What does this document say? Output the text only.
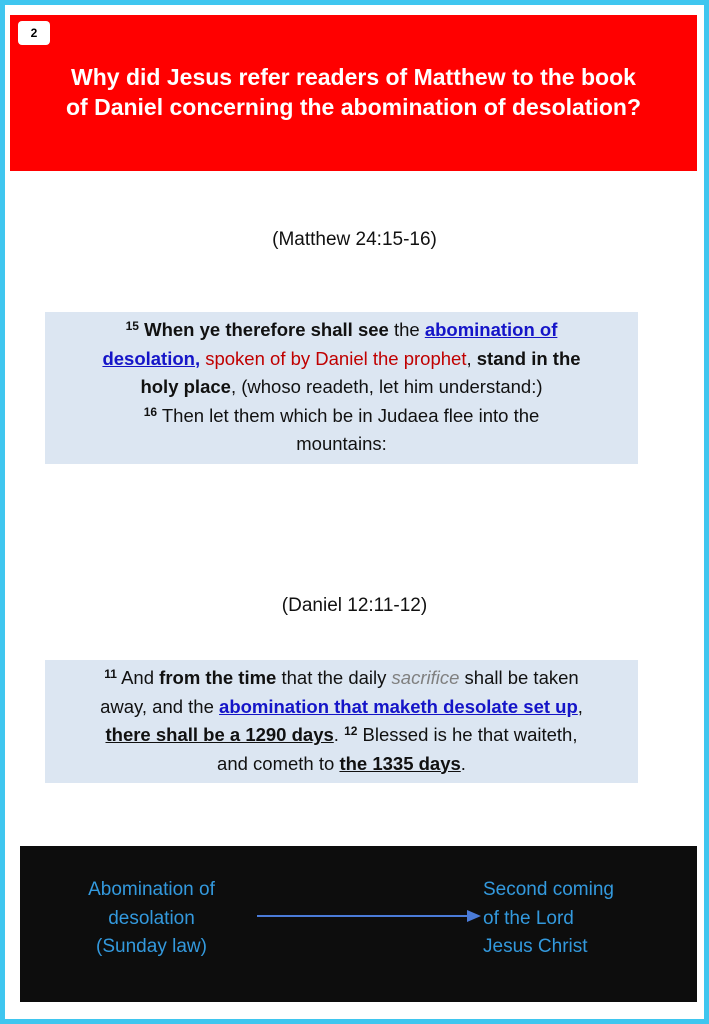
2
Why did Jesus refer readers of Matthew to the book
of Daniel concerning the abomination of desolation?
(Matthew 24:15-16)
$^{15}$ When ye therefore shall see the abomination of
desolation, spoken of by Daniel the prophet, stand in the
holy place, (whoso readeth, let him understand:)
$^{16}$ Then let them which be in Judaea flee into the
mountains:
(Daniel 12:11-12)
$^{11}$ And from the time that the daily sacrifice shall be taken
away, and the abomination that maketh desolate set up,
there shall be a 1290 days. $^{12}$ Blessed is he that waiteth,
and cometh to the 1335 days.
Abomination of
desolation
(Sunday law)
Second coming
of the Lord
Jesus Christ
